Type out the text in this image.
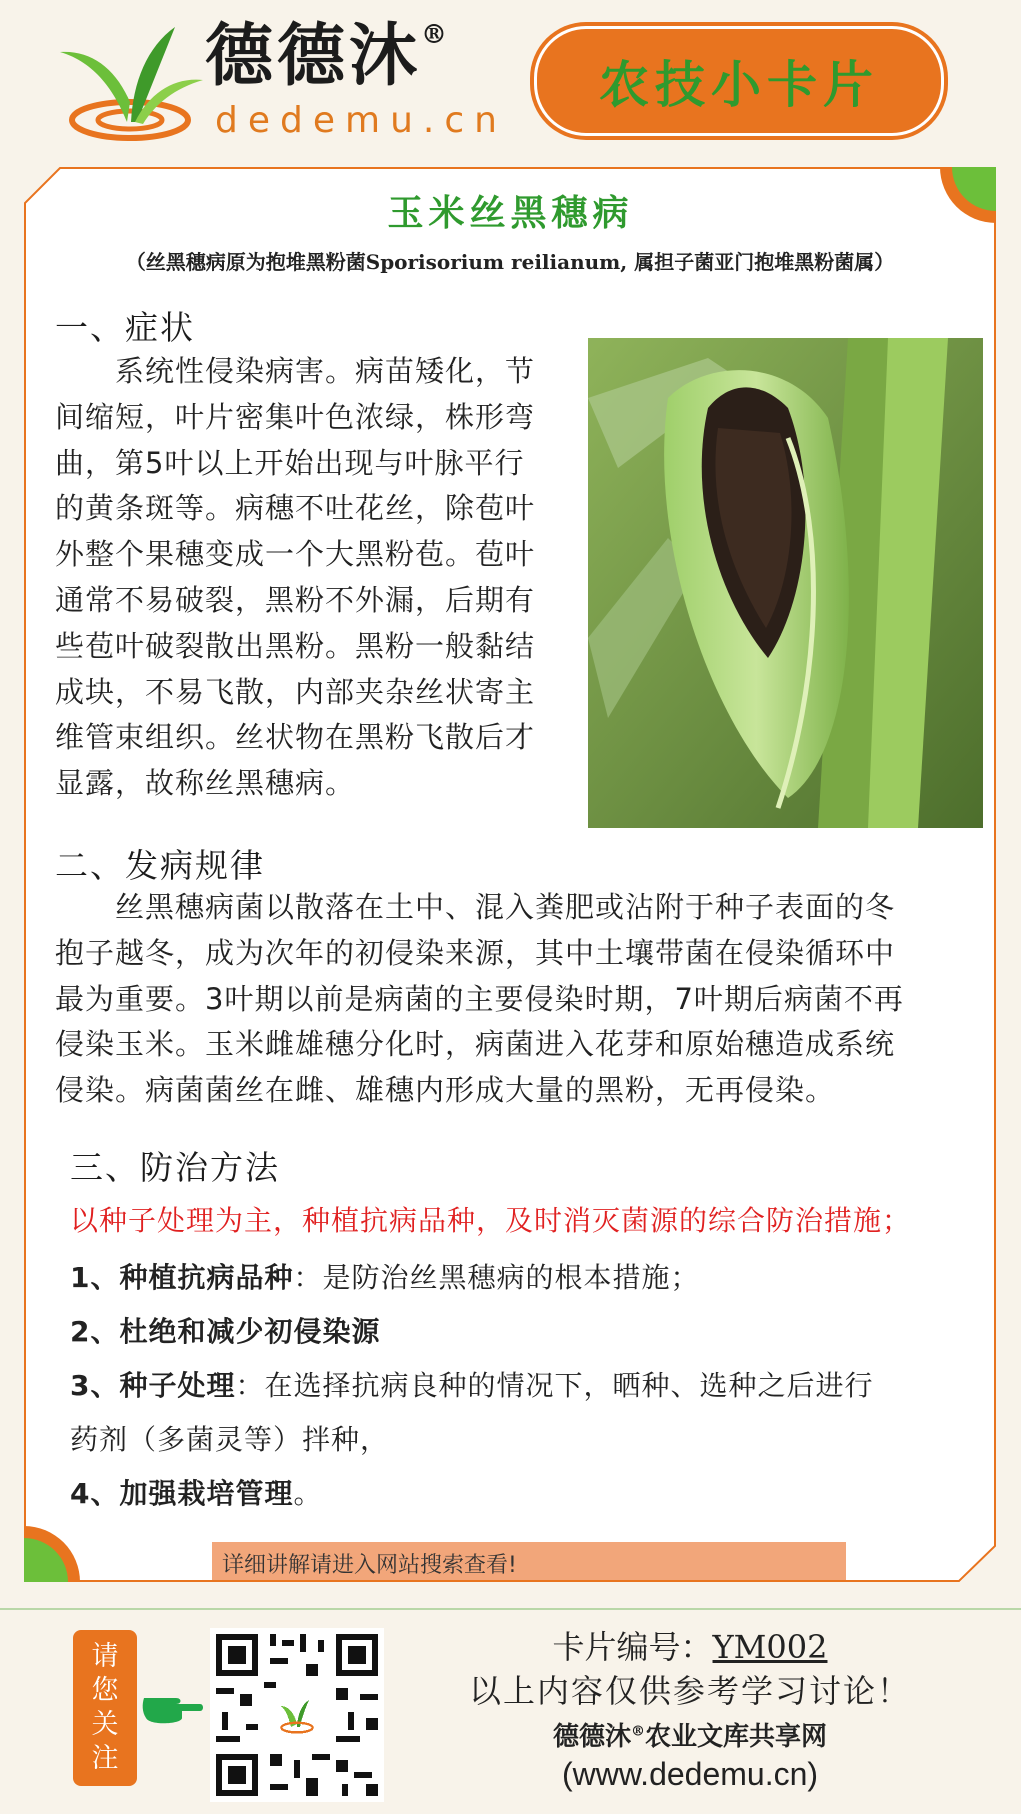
德德沐®
dedemu.cn
农技小卡片
玉米丝黑穗病
（丝黑穗病原为抱堆黑粉菌Sporisorium reilianum, 属担子菌亚门抱堆黑粉菌属）
一、症状
　　系统性侵染病害。病苗矮化，节
间缩短，叶片密集叶色浓绿，株形弯
曲，第5叶以上开始出现与叶脉平行
的黄条斑等。病穗不吐花丝，除苞叶
外整个果穗变成一个大黑粉苞。苞叶
通常不易破裂，黑粉不外漏，后期有
些苞叶破裂散出黑粉。黑粉一般黏结
成块，不易飞散，内部夹杂丝状寄主
维管束组织。丝状物在黑粉飞散后才
显露，故称丝黑穗病。
二、发病规律
　　丝黑穗病菌以散落在土中、混入粪肥或沾附于种子表面的冬
抱子越冬，成为次年的初侵染来源，其中土壤带菌在侵染循环中
最为重要。3叶期以前是病菌的主要侵染时期，7叶期后病菌不再
侵染玉米。玉米雌雄穗分化时，病菌进入花芽和原始穗造成系统
侵染。病菌菌丝在雌、雄穗内形成大量的黑粉，无再侵染。
三、防治方法
以种子处理为主，种植抗病品种，及时消灭菌源的综合防治措施；
1、种植抗病品种：是防治丝黑穗病的根本措施；
2、杜绝和减少初侵染源
3、种子处理：在选择抗病良种的情况下，晒种、选种之后进行
药剂（多菌灵等）拌种，
4、加强栽培管理。
详细讲解请进入网站搜索查看!
请
您
关
注
卡片编号：YM002
以上内容仅供参考学习讨论！
德德沐®农业文库共享网
(www.dedemu.cn)
